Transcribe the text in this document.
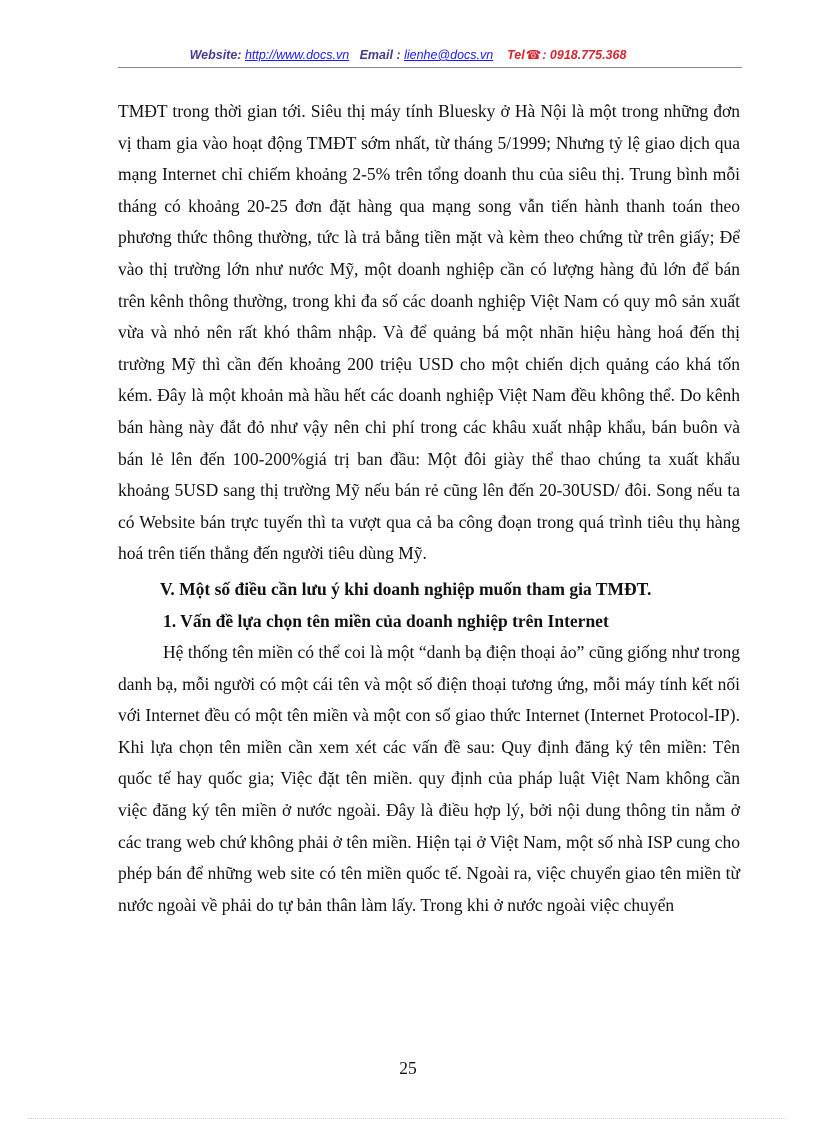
Website: http://www.docs.vn Email : lienhe@docs.vn Tel☎: 0918.775.368

TMĐT trong thời gian tới. Siêu thị máy tính Bluesky ở Hà Nội là một trong những đơn vị tham gia vào hoạt động TMĐT sớm nhất, từ tháng 5/1999; Nhưng tỷ lệ giao dịch qua mạng Internet chỉ chiếm khoảng 2-5% trên tổng doanh thu của siêu thị. Trung bình mỗi tháng có khoảng 20-25 đơn đặt hàng qua mạng song vẫn tiến hành thanh toán theo phương thức thông thường, tức là trả bằng tiền mặt và kèm theo chứng từ trên giấy; Để vào thị trường lớn như nước Mỹ, một doanh nghiệp cần có lượng hàng đủ lớn để bán trên kênh thông thường, trong khi đa số các doanh nghiệp Việt Nam có quy mô sản xuất vừa và nhỏ nên rất khó thâm nhập. Và để quảng bá một nhãn hiệu hàng hoá đến thị trường Mỹ thì cần đến khoảng 200 triệu USD cho một chiến dịch quảng cáo khá tốn kém. Đây là một khoản mà hầu hết các doanh nghiệp Việt Nam đều không thể. Do kênh bán hàng này đắt đỏ như vậy nên chi phí trong các khâu xuất nhập khẩu, bán buôn và bán lẻ lên đến 100-200%giá trị ban đầu: Một đôi giày thể thao chúng ta xuất khẩu khoảng 5USD sang thị trường Mỹ nếu bán rẻ cũng lên đến 20-30USD/ đôi. Song nếu ta có Website bán trực tuyến thì ta vượt qua cả ba công đoạn trong quá trình tiêu thụ hàng hoá trên tiến thẳng đến người tiêu dùng Mỹ.

V. Một số điều cần lưu ý khi doanh nghiệp muốn tham gia TMĐT.

1. Vấn đề lựa chọn tên miền của doanh nghiệp trên Internet

Hệ thống tên miền có thể coi là một “danh bạ điện thoại ảo” cũng giống như trong danh bạ, mỗi người có một cái tên và một số điện thoại tương ứng, mỗi máy tính kết nối với Internet đều có một tên miền và một con số giao thức Internet (Internet Protocol-IP). Khi lựa chọn tên miền cần xem xét các vấn đề sau: Quy định đăng ký tên miền: Tên quốc tế hay quốc gia; Việc đặt tên miền. quy định của pháp luật Việt Nam không cần việc đăng ký tên miền ở nước ngoài. Đây là điều hợp lý, bởi nội dung thông tin nằm ở các trang web chứ không phải ở tên miền. Hiện tại ở Việt Nam, một số nhà ISP cung cho phép bán để những web site có tên miền quốc tế. Ngoài ra, việc chuyển giao tên miền từ nước ngoài về phải do tự bản thân làm lấy. Trong khi ở nước ngoài việc chuyển

25
